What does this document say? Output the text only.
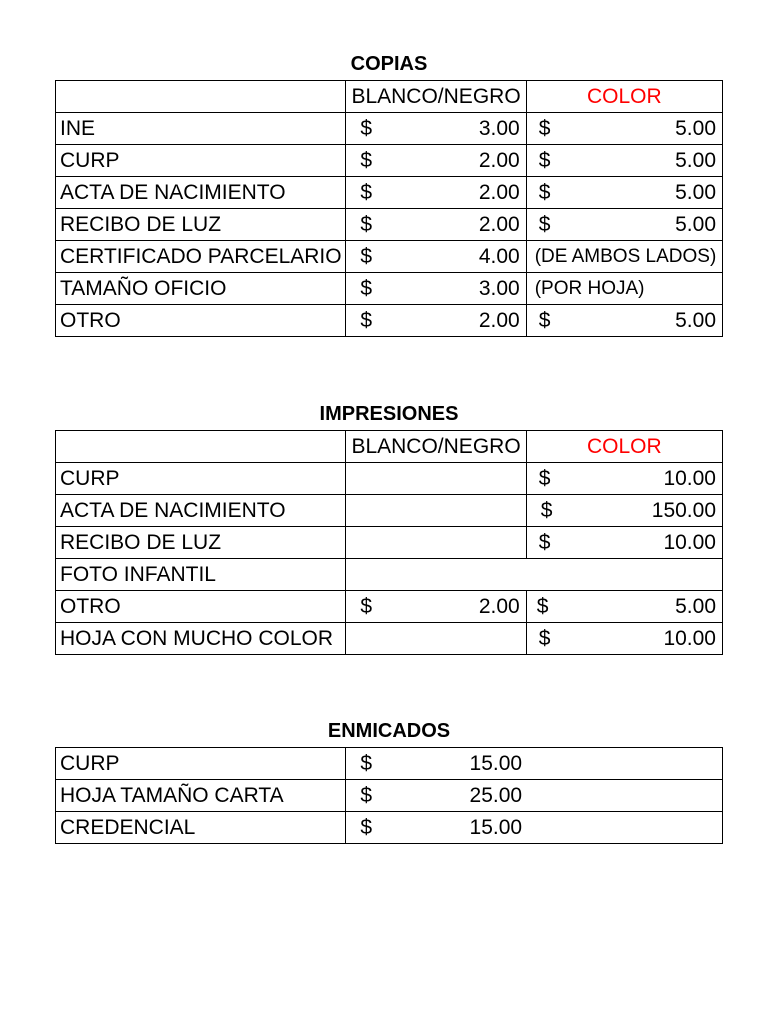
COPIAS
	BLANCO/NEGRO	COLOR
INE	$ 3.00	$ 5.00

CURP	$ 2.00	$ 5.00

ACTA DE NACIMIENTO	$ 2.00	$ 5.00

RECIBO DE LUZ	$ 2.00	$ 5.00

CERTIFICADO PARCELARIO	$ 4.00	(DE AMBOS LADOS)
TAMAÑO OFICIO	$ 3.00	(POR HOJA)
OTRO	$ 2.00	$ 5.00
IMPRESIONES
	BLANCO/NEGRO	COLOR
CURP		$ 10.00

ACTA DE NACIMIENTO		$ 150.00

RECIBO DE LUZ		$ 10.00

FOTO INFANTIL		
OTRO	$ 2.00	$ 5.00

HOJA CON MUCHO COLOR		$ 10.00
ENMICADOS
CURP	$ 15.00

HOJA TAMAÑO CARTA	$ 25.00

CREDENCIAL	$ 15.00
